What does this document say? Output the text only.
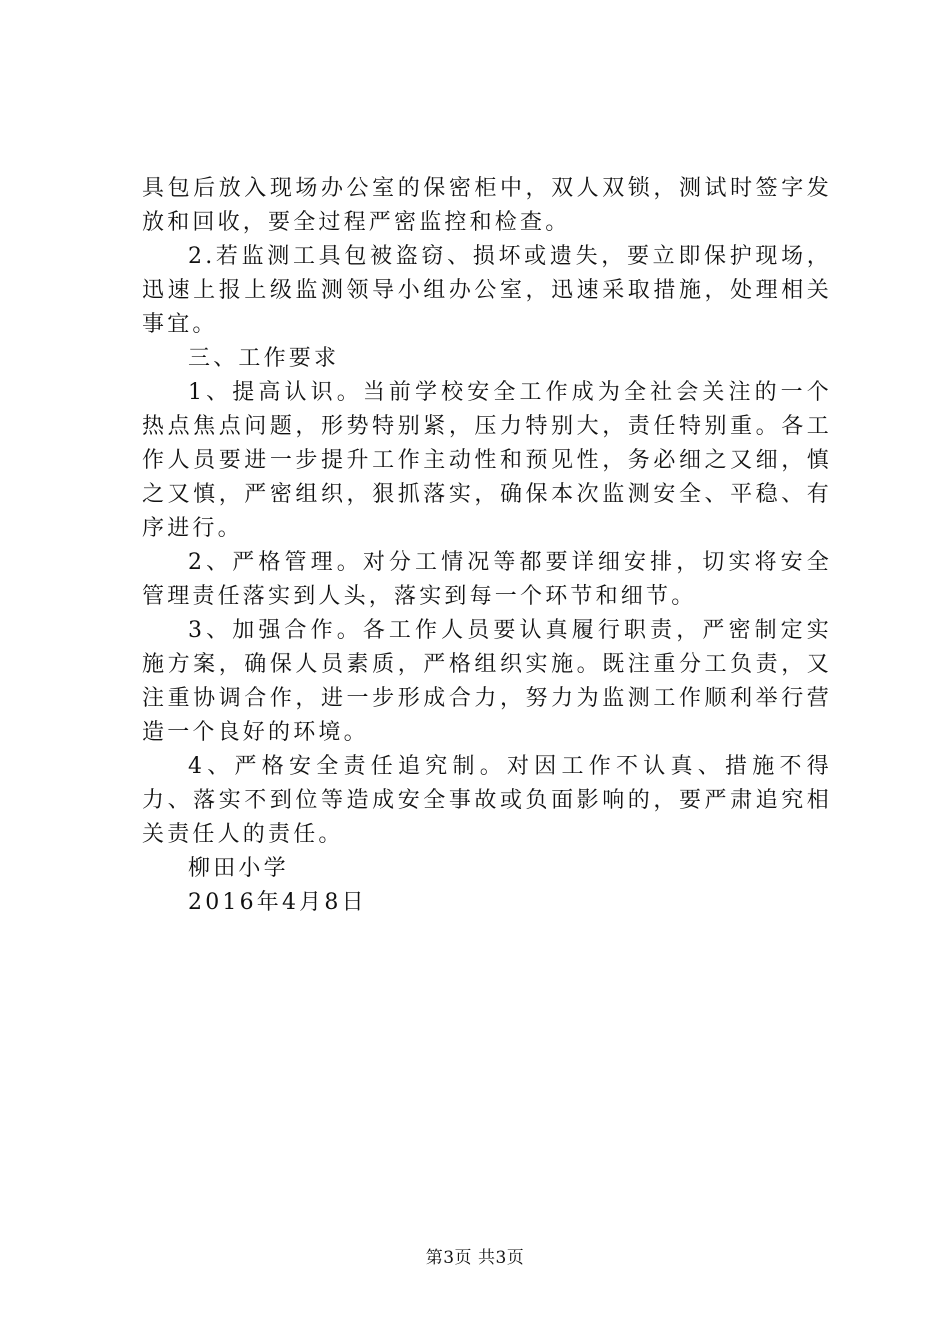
具包后放入现场办公室的保密柜中，双人双锁，测试时签字发放和回收，要全过程严密监控和检查。

2.若监测工具包被盗窃、损坏或遗失，要立即保护现场，迅速上报上级监测领导小组办公室，迅速采取措施，处理相关事宜。

三、工作要求

1、提高认识。当前学校安全工作成为全社会关注的一个热点焦点问题，形势特别紧，压力特别大，责任特别重。各工作人员要进一步提升工作主动性和预见性，务必细之又细，慎之又慎，严密组织，狠抓落实，确保本次监测安全、平稳、有序进行。

2、严格管理。对分工情况等都要详细安排，切实将安全管理责任落实到人头，落实到每一个环节和细节。

3、加强合作。各工作人员要认真履行职责，严密制定实施方案，确保人员素质，严格组织实施。既注重分工负责，又注重协调合作，进一步形成合力，努力为监测工作顺利举行营造一个良好的环境。

4、严格安全责任追究制。对因工作不认真、措施不得力、落实不到位等造成安全事故或负面影响的，要严肃追究相关责任人的责任。

柳田小学

2016年4月8日

第3页 共3页
